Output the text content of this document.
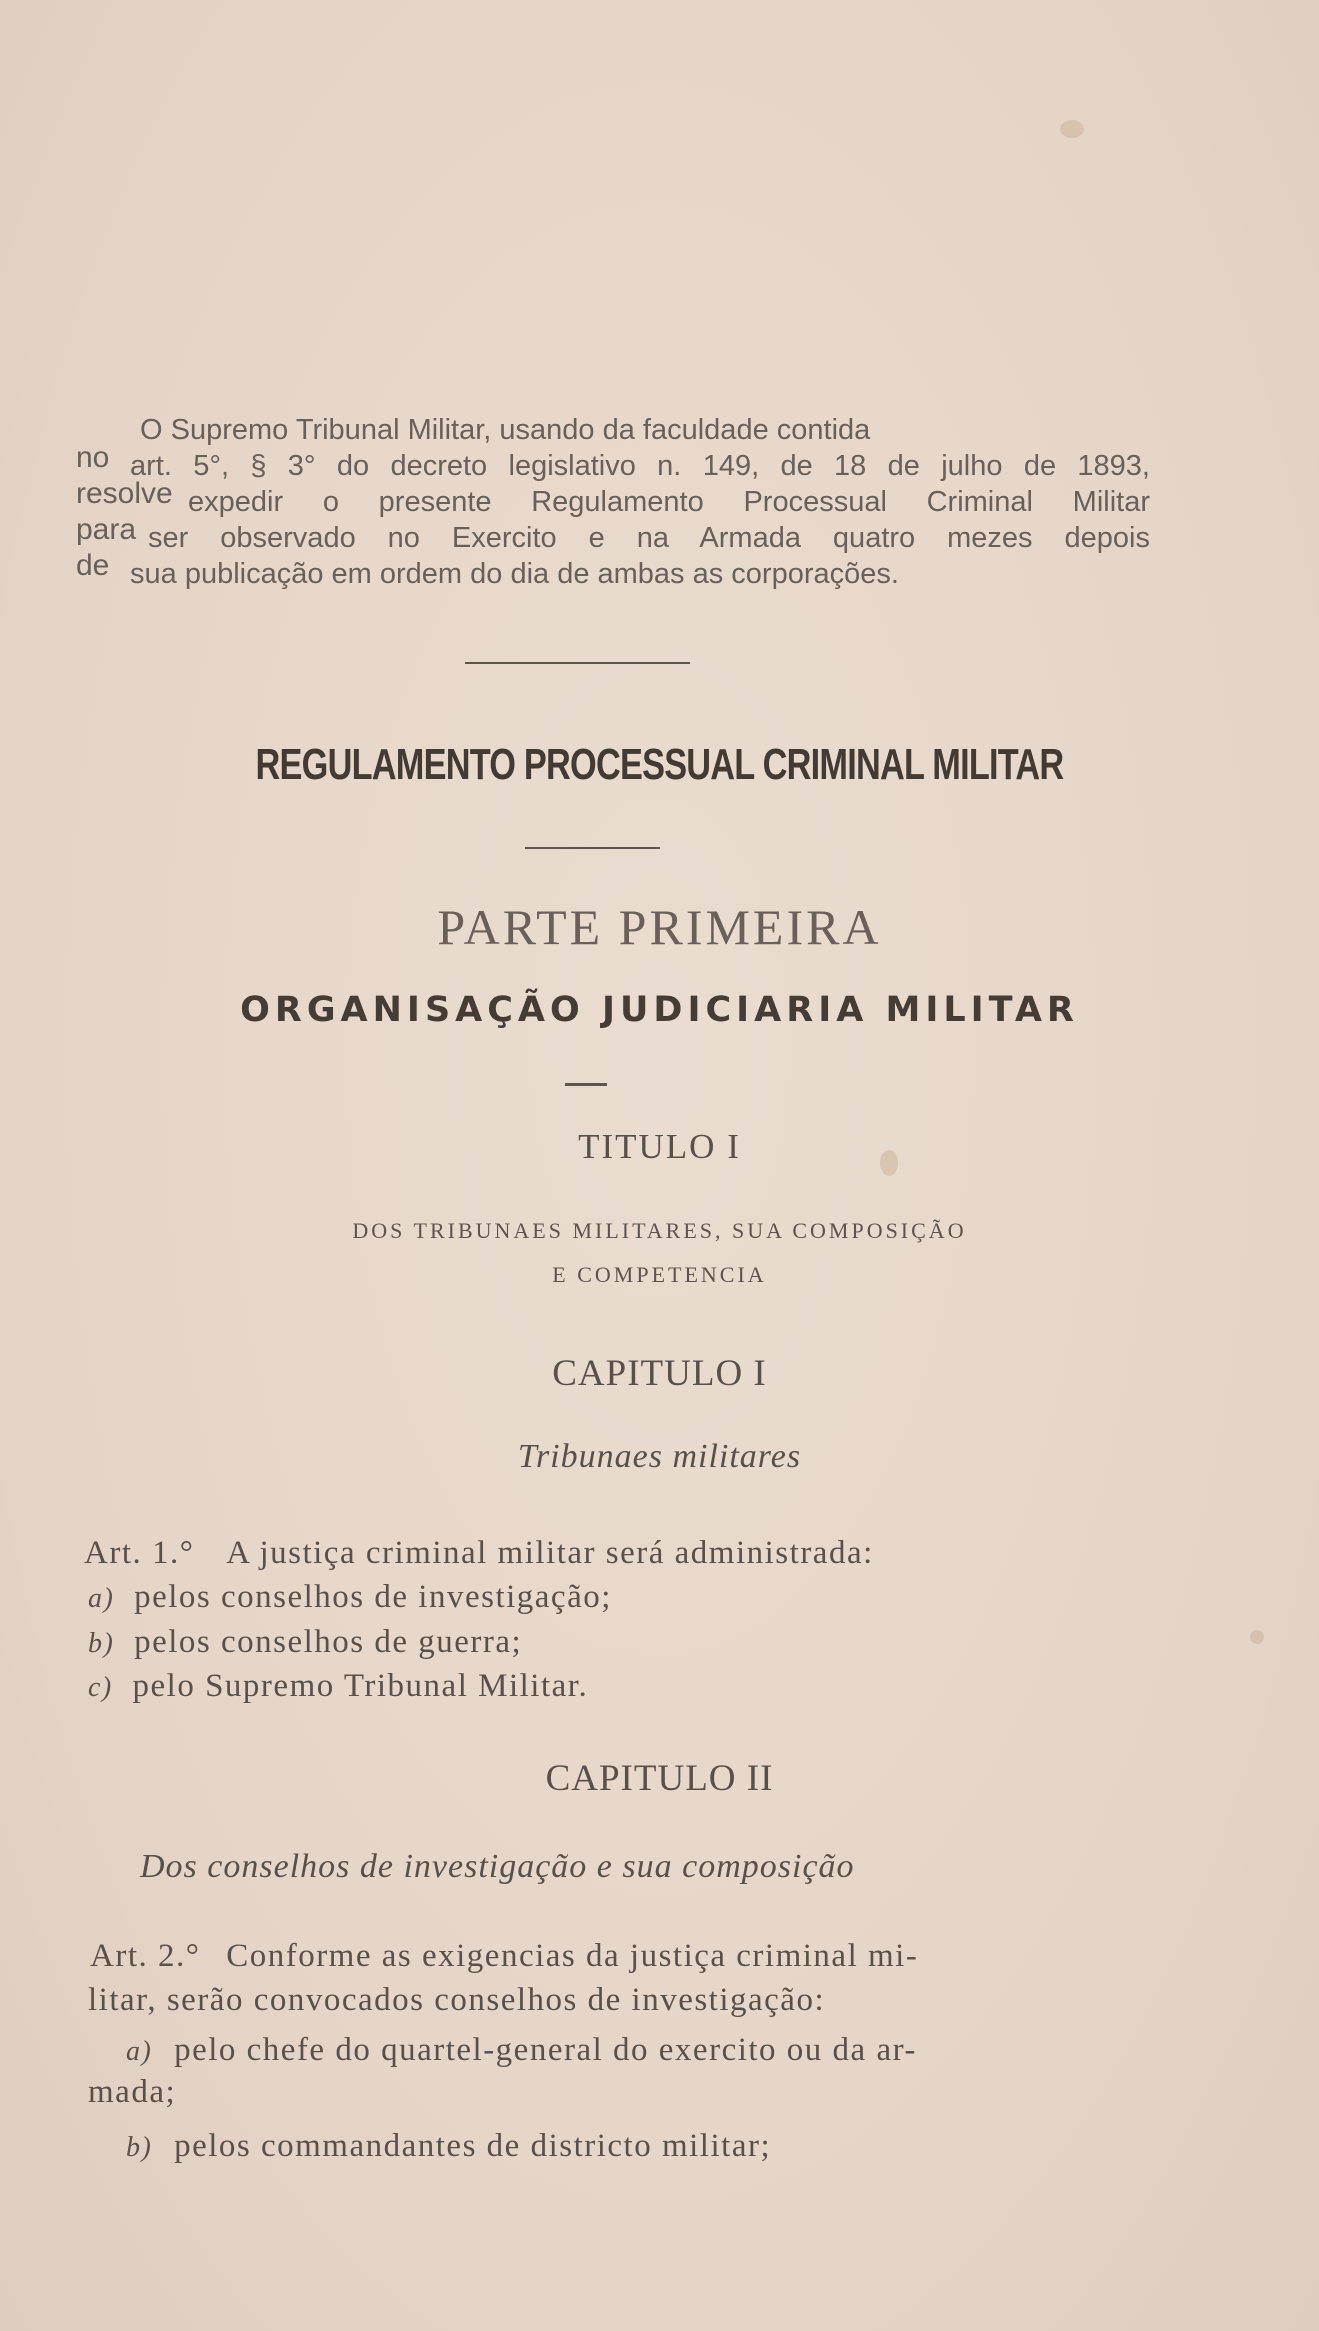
O Supremo Tribunal Militar, usando da faculdade contida
no art. 5°, § 3° do decreto legislativo n. 149, de 18 de julho de 1893,
resolve expedir o presente Regulamento Processual Criminal Militar
para ser observado no Exercito e na Armada quatro mezes depois
de sua publicação em ordem do dia de ambas as corporações.
REGULAMENTO PROCESSUAL CRIMINAL MILITAR
PARTE PRIMEIRA
ORGANISAÇÃO JUDICIARIA MILITAR
TITULO I
DOS TRIBUNAES MILITARES, SUA COMPOSIÇÃO
E COMPETENCIA
CAPITULO I
Tribunaes militares
Art. 1.° A justiça criminal militar será administrada:
a) pelos conselhos de investigação;
b) pelos conselhos de guerra;
c) pelo Supremo Tribunal Militar.
CAPITULO II
Dos conselhos de investigação e sua composição
Art. 2.° Conforme as exigencias da justiça criminal mi-
litar, serão convocados conselhos de investigação:
a) pelo chefe do quartel-general do exercito ou da ar-
mada;
b) pelos commandantes de districto militar;
